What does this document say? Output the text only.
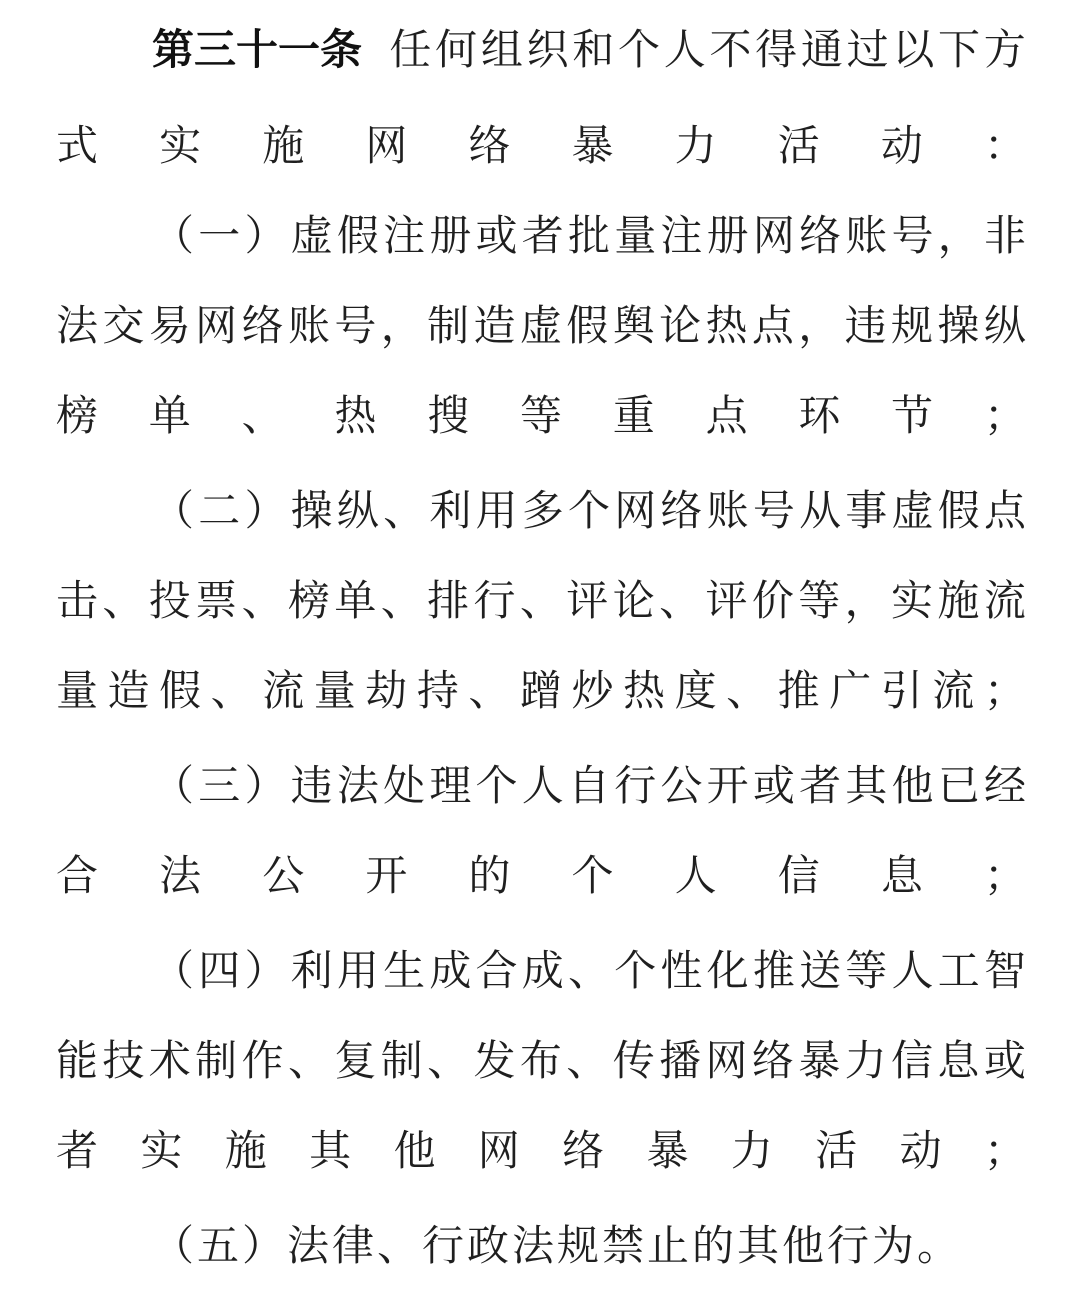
第三十一条 任 何 组 织 和 个 人 不 得 通 过 以 下 方
式 实 施 网 络 暴 力 活 动 ：
（ 一 ） 虚 假 注 册 或 者 批 量 注 册 网 络 账 号 ， 非
法 交 易 网 络 账 号 ， 制 造 虚 假 舆 论 热 点 ， 违 规 操 纵
榜 单 、 热 搜 等 重 点 环 节 ；
（ 二 ） 操 纵 、 利 用 多 个 网 络 账 号 从 事 虚 假 点
击 、 投 票 、 榜 单 、 排 行 、 评 论 、 评 价 等 ， 实 施 流
量 造 假 、 流 量 劫 持 、 蹭 炒 热 度 、 推 广 引 流 ；
（ 三 ） 违 法 处 理 个 人 自 行 公 开 或 者 其 他 已 经
合 法 公 开 的 个 人 信 息 ；
（ 四 ） 利 用 生 成 合 成 、 个 性 化 推 送 等 人 工 智
能 技 术 制 作 、 复 制 、 发 布 、 传 播 网 络 暴 力 信 息 或
者 实 施 其 他 网 络 暴 力 活 动 ；
（五）法律、行政法规禁止的其他行为。
